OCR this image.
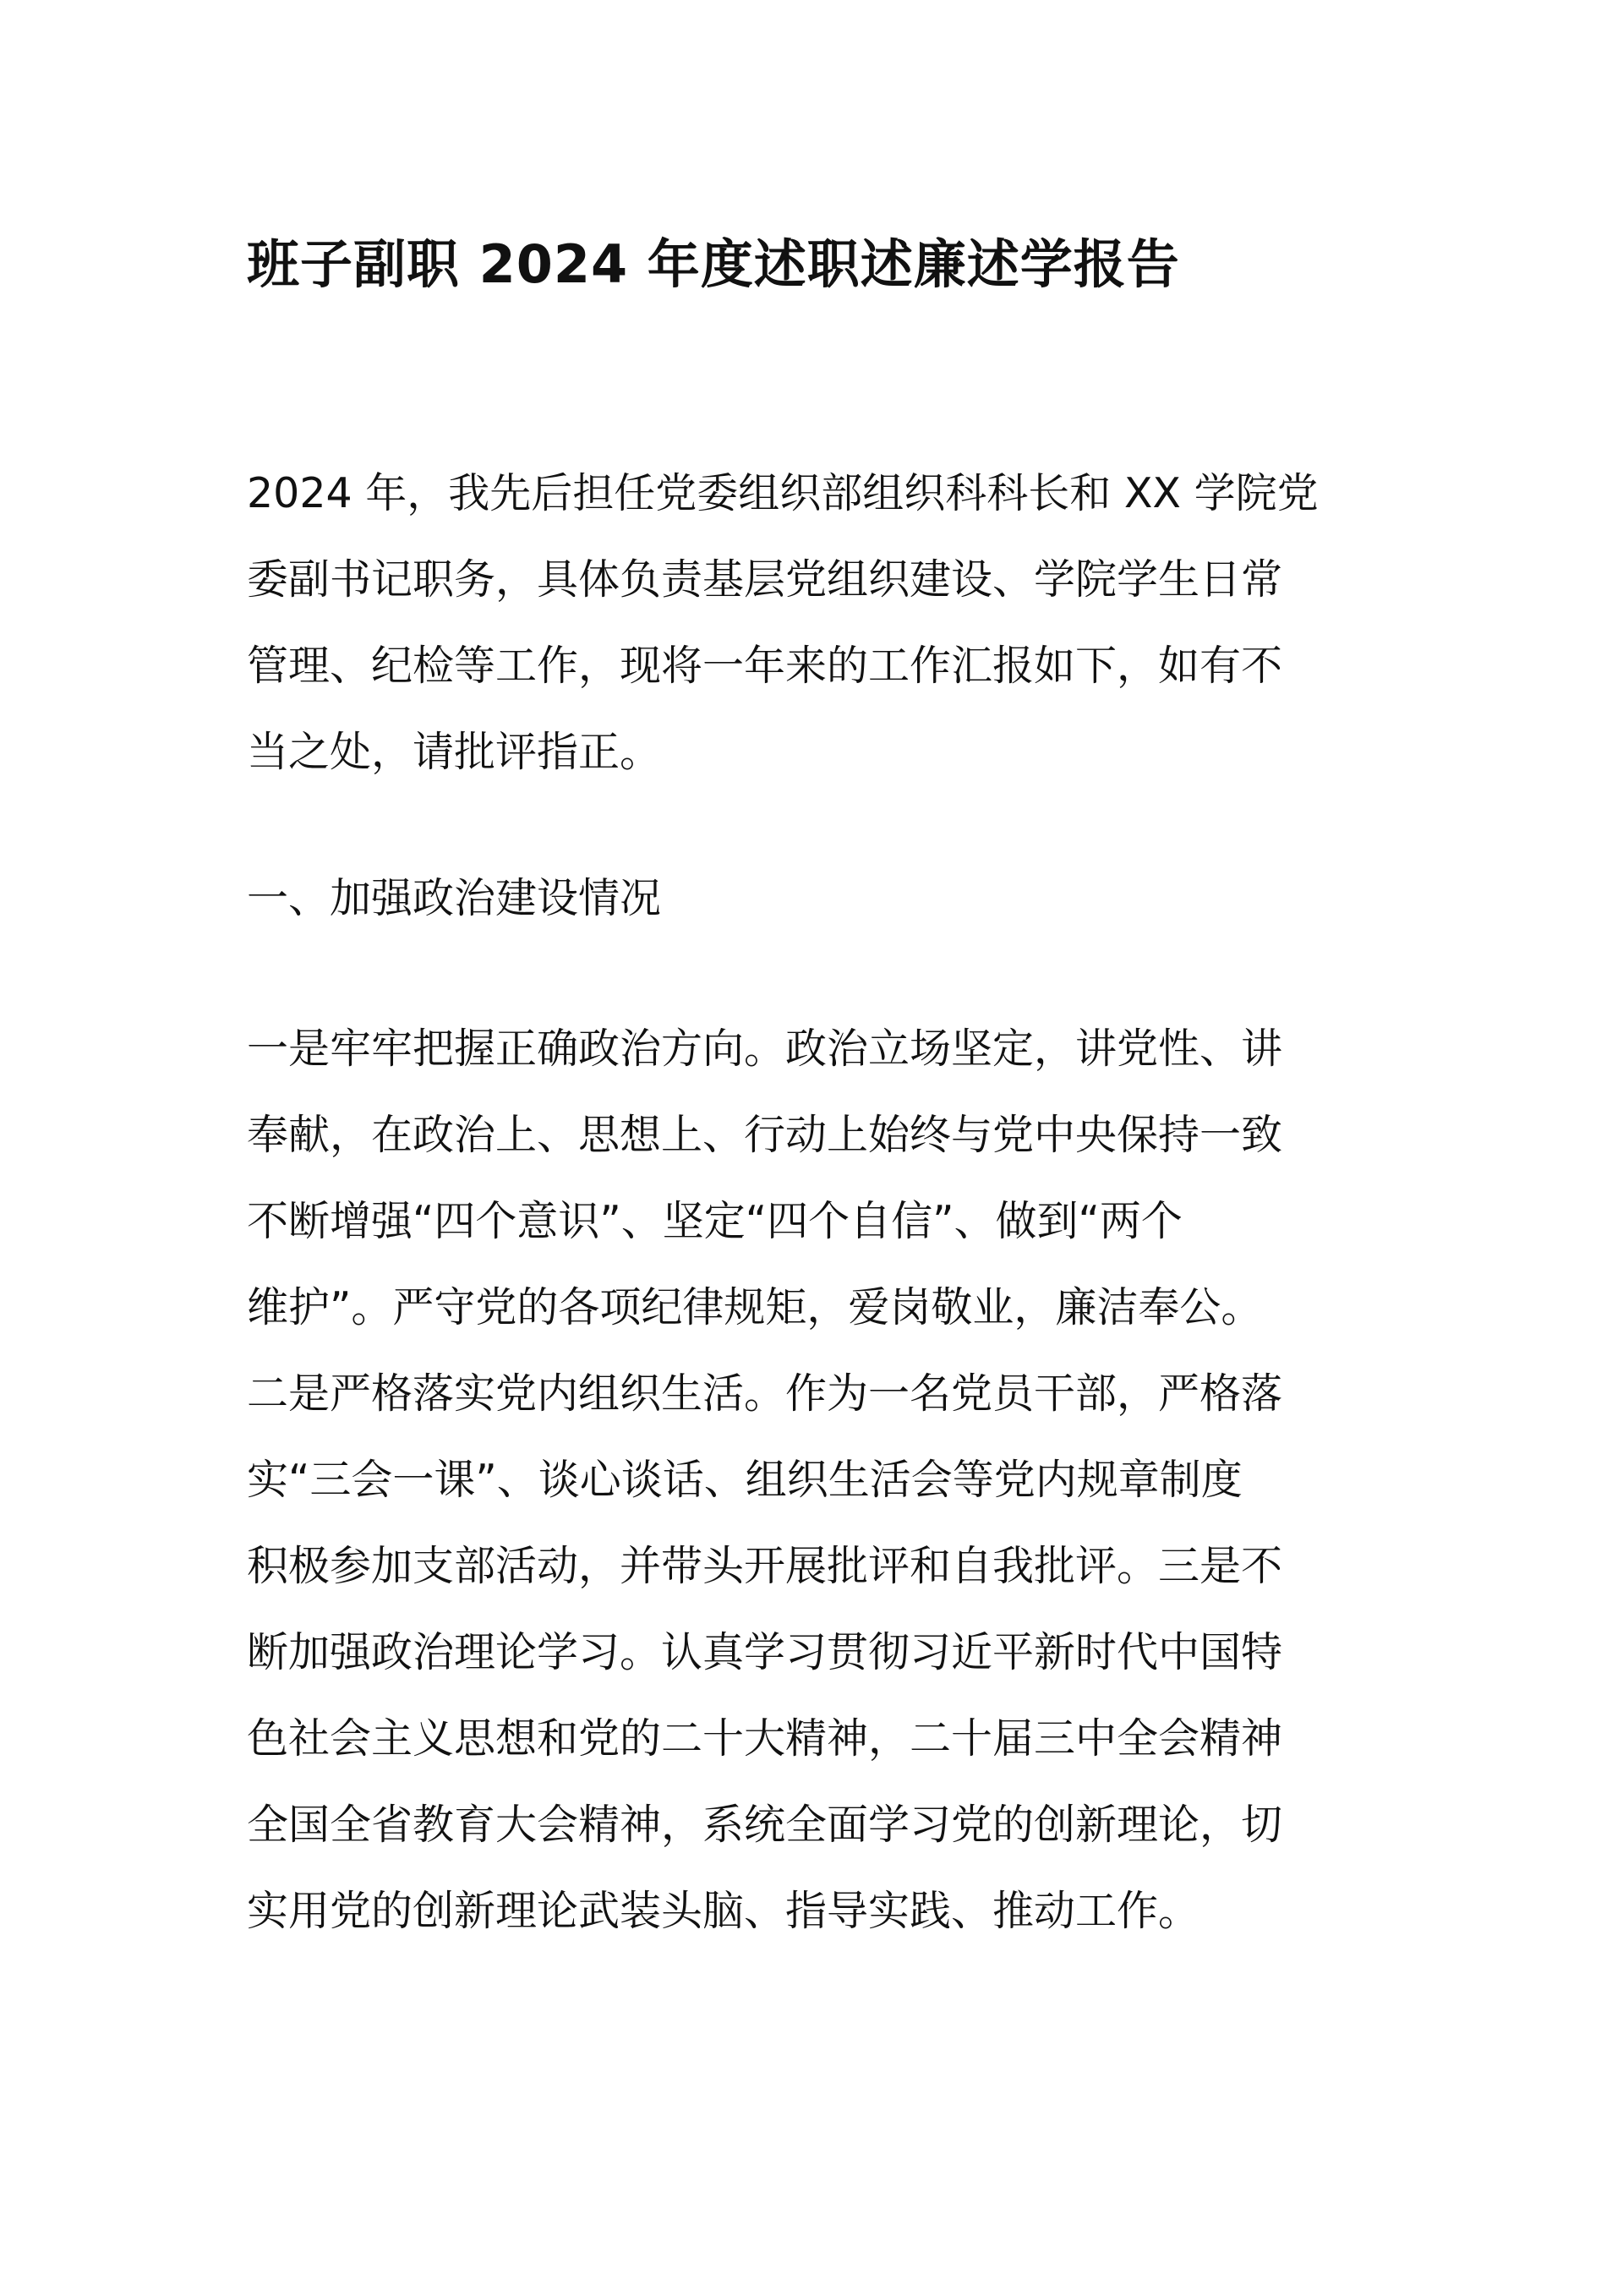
班子副职 2024 年度述职述廉述学报告

2024 年，我先后担任党委组织部组织科科长和 XX 学院党
委副书记职务，具体负责基层党组织建设、学院学生日常
管理、纪检等工作，现将一年来的工作汇报如下，如有不
当之处，请批评指正。

一、加强政治建设情况

一是牢牢把握正确政治方向。政治立场坚定，讲党性、讲
奉献，在政治上、思想上、行动上始终与党中央保持一致
不断增强“四个意识”、坚定“四个自信”、做到“两个
维护”。严守党的各项纪律规矩，爱岗敬业，廉洁奉公。
二是严格落实党内组织生活。作为一名党员干部，严格落
实“三会一课”、谈心谈话、组织生活会等党内规章制度
积极参加支部活动，并带头开展批评和自我批评。三是不
断加强政治理论学习。认真学习贯彻习近平新时代中国特
色社会主义思想和党的二十大精神，二十届三中全会精神
全国全省教育大会精神，系统全面学习党的创新理论，切
实用党的创新理论武装头脑、指导实践、推动工作。
